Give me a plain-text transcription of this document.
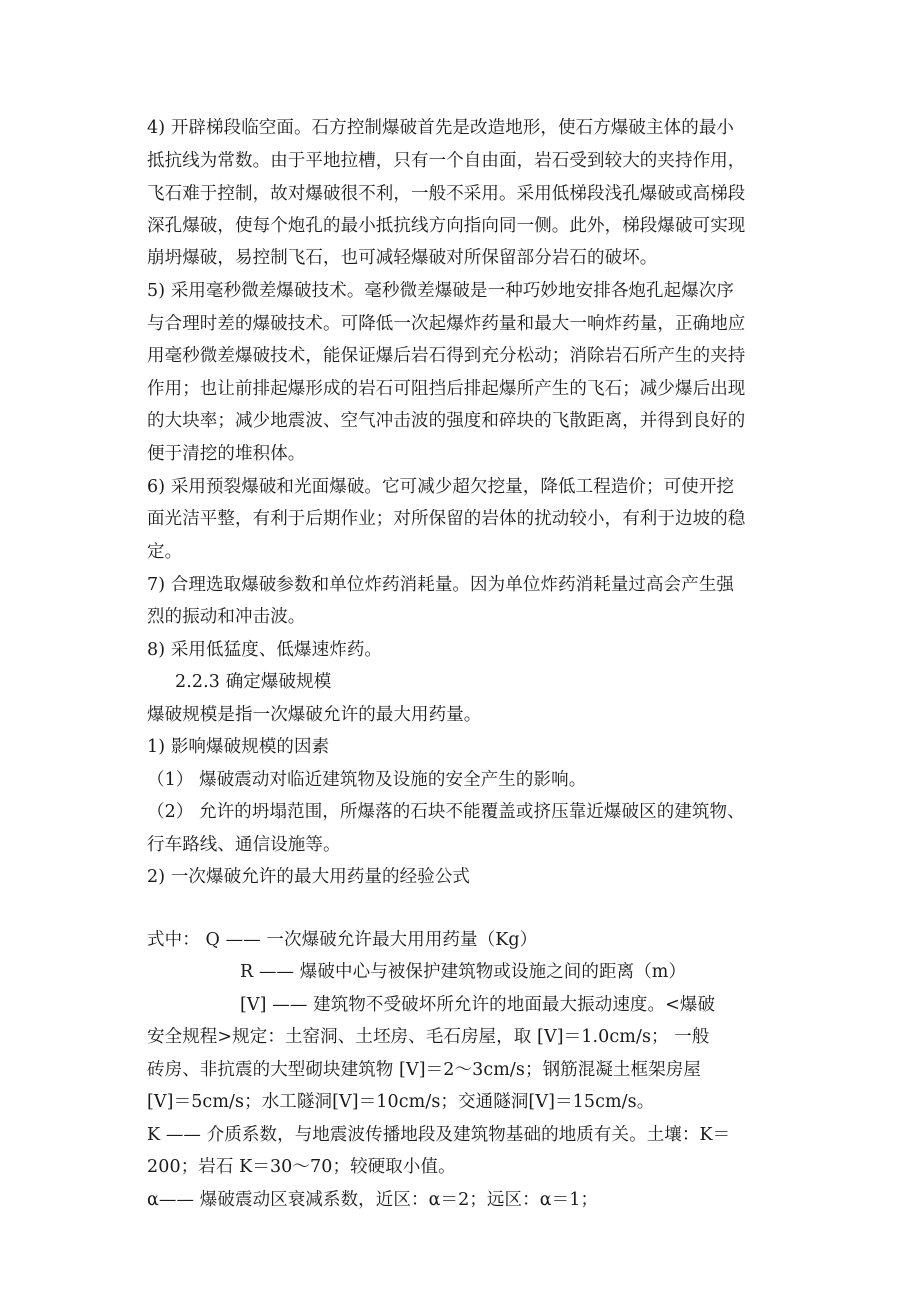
4) 开辟梯段临空面。石方控制爆破首先是改造地形，使石方爆破主体的最小
抵抗线为常数。由于平地拉槽，只有一个自由面，岩石受到较大的夹持作用，
飞石难于控制，故对爆破很不利，一般不采用。采用低梯段浅孔爆破或高梯段
深孔爆破，使每个炮孔的最小抵抗线方向指向同一侧。此外，梯段爆破可实现
崩坍爆破，易控制飞石，也可减轻爆破对所保留部分岩石的破坏。
5) 采用毫秒微差爆破技术。毫秒微差爆破是一种巧妙地安排各炮孔起爆次序
与合理时差的爆破技术。可降低一次起爆炸药量和最大一响炸药量，正确地应
用毫秒微差爆破技术，能保证爆后岩石得到充分松动；消除岩石所产生的夹持
作用；也让前排起爆形成的岩石可阻挡后排起爆所产生的飞石；减少爆后出现
的大块率；减少地震波、空气冲击波的强度和碎块的飞散距离，并得到良好的
便于清挖的堆积体。
6) 采用预裂爆破和光面爆破。它可减少超欠挖量，降低工程造价；可使开挖
面光洁平整，有利于后期作业；对所保留的岩体的扰动较小，有利于边坡的稳
定。
7) 合理选取爆破参数和单位炸药消耗量。因为单位炸药消耗量过高会产生强
烈的振动和冲击波。
8) 采用低猛度、低爆速炸药。
2.2.3 确定爆破规模
爆破规模是指一次爆破允许的最大用药量。
1) 影响爆破规模的因素
（1） 爆破震动对临近建筑物及设施的安全产生的影响。
（2） 允许的坍塌范围，所爆落的石块不能覆盖或挤压靠近爆破区的建筑物、
行车路线、通信设施等。
2) 一次爆破允许的最大用药量的经验公式
式中： Q —— 一次爆破允许最大用用药量（Kg）
R —— 爆破中心与被保护建筑物或设施之间的距离（m）
[V] —— 建筑物不受破坏所允许的地面最大振动速度。<爆破
安全规程>规定：土窑洞、土坯房、毛石房屋，取 [V]＝1.0cm/s； 一般
砖房、非抗震的大型砌块建筑物 [V]＝2～3cm/s；钢筋混凝土框架房屋
[V]＝5cm/s；水工隧洞[V]＝10cm/s；交通隧洞[V]＝15cm/s。
K —— 介质系数，与地震波传播地段及建筑物基础的地质有关。土壤：K＝
200；岩石 K＝30～70；较硬取小值。
α—— 爆破震动区衰减系数，近区：α＝2；远区：α＝1；
